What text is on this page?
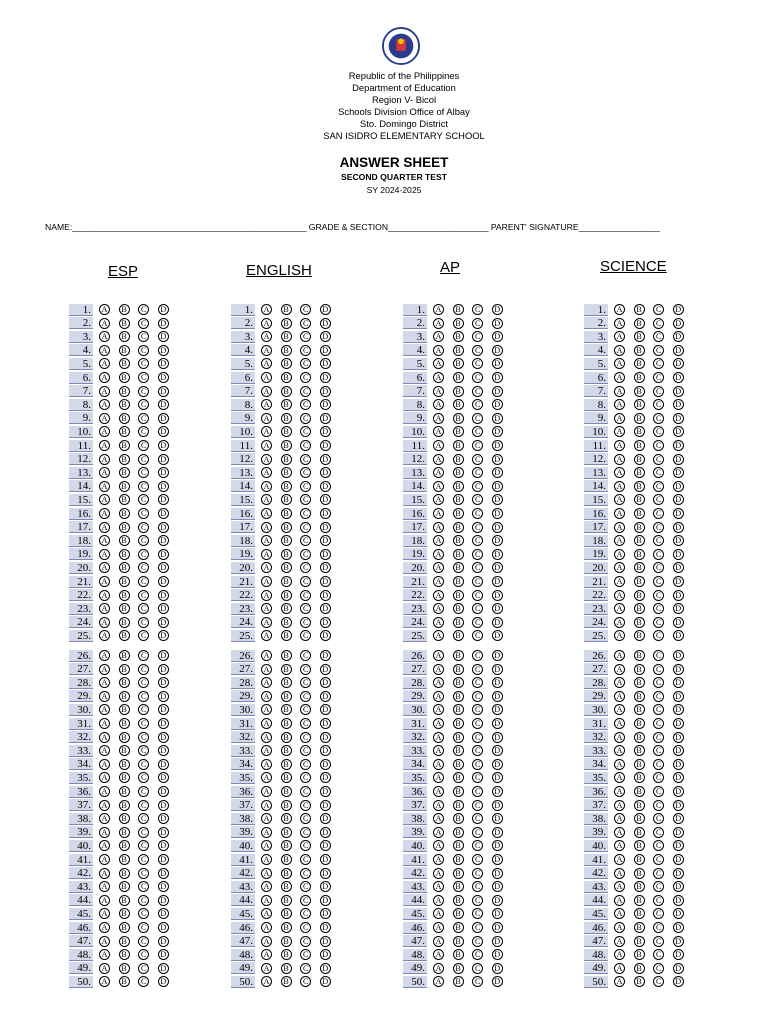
Republic of the Philippines
Department of Education
Region V- Bicol
Schools Division Office of Albay
Sto. Domingo District
SAN ISIDRO ELEMENTARY SCHOOL
ANSWER SHEET
SECOND QUARTER TEST
SY 2024-2025
NAME:_________________________________________________ GRADE & SECTION_____________________ PARENT' SIGNATURE_________________
ESP	ENGLISH	AP	SCIENCE
1.	A	B	C	D
2.	A	B	C	D
3.	A	B	C	D
4.	A	B	C	D
5.	A	B	C	D
6.	A	B	C	D
7.	A	B	C	D
8.	A	B	C	D
9.	A	B	C	D
10.	A	B	C	D
11.	A	B	C	D
12.	A	B	C	D
13.	A	B	C	D
14.	A	B	C	D
15.	A	B	C	D
16.	A	B	C	D
17.	A	B	C	D
18.	A	B	C	D
19.	A	B	C	D
20.	A	B	C	D
21.	A	B	C	D
22.	A	B	C	D
23.	A	B	C	D
24.	A	B	C	D
25.	A	B	C	D
26.	A	B	C	D
27.	A	B	C	D
28.	A	B	C	D
29.	A	B	C	D
30.	A	B	C	D
31.	A	B	C	D
32.	A	B	C	D
33.	A	B	C	D
34.	A	B	C	D
35.	A	B	C	D
36.	A	B	C	D
37.	A	B	C	D
38.	A	B	C	D
39.	A	B	C	D
40.	A	B	C	D
41.	A	B	C	D
42.	A	B	C	D
43.	A	B	C	D
44.	A	B	C	D
45.	A	B	C	D
46.	A	B	C	D
47.	A	B	C	D
48.	A	B	C	D
49.	A	B	C	D
50.	A	B	C	D
1.	A	B	C	D
2.	A	B	C	D
3.	A	B	C	D
4.	A	B	C	D
5.	A	B	C	D
6.	A	B	C	D
7.	A	B	C	D
8.	A	B	C	D
9.	A	B	C	D
10.	A	B	C	D
11.	A	B	C	D
12.	A	B	C	D
13.	A	B	C	D
14.	A	B	C	D
15.	A	B	C	D
16.	A	B	C	D
17.	A	B	C	D
18.	A	B	C	D
19.	A	B	C	D
20.	A	B	C	D
21.	A	B	C	D
22.	A	B	C	D
23.	A	B	C	D
24.	A	B	C	D
25.	A	B	C	D
26.	A	B	C	D
27.	A	B	C	D
28.	A	B	C	D
29.	A	B	C	D
30.	A	B	C	D
31.	A	B	C	D
32.	A	B	C	D
33.	A	B	C	D
34.	A	B	C	D
35.	A	B	C	D
36.	A	B	C	D
37.	A	B	C	D
38.	A	B	C	D
39.	A	B	C	D
40.	A	B	C	D
41.	A	B	C	D
42.	A	B	C	D
43.	A	B	C	D
44.	A	B	C	D
45.	A	B	C	D
46.	A	B	C	D
47.	A	B	C	D
48.	A	B	C	D
49.	A	B	C	D
50.	A	B	C	D
1.	A	B	C	D
2.	A	B	C	D
3.	A	B	C	D
4.	A	B	C	D
5.	A	B	C	D
6.	A	B	C	D
7.	A	B	C	D
8.	A	B	C	D
9.	A	B	C	D
10.	A	B	C	D
11.	A	B	C	D
12.	A	B	C	D
13.	A	B	C	D
14.	A	B	C	D
15.	A	B	C	D
16.	A	B	C	D
17.	A	B	C	D
18.	A	B	C	D
19.	A	B	C	D
20.	A	B	C	D
21.	A	B	C	D
22.	A	B	C	D
23.	A	B	C	D
24.	A	B	C	D
25.	A	B	C	D
26.	A	B	C	D
27.	A	B	C	D
28.	A	B	C	D
29.	A	B	C	D
30.	A	B	C	D
31.	A	B	C	D
32.	A	B	C	D
33.	A	B	C	D
34.	A	B	C	D
35.	A	B	C	D
36.	A	B	C	D
37.	A	B	C	D
38.	A	B	C	D
39.	A	B	C	D
40.	A	B	C	D
41.	A	B	C	D
42.	A	B	C	D
43.	A	B	C	D
44.	A	B	C	D
45.	A	B	C	D
46.	A	B	C	D
47.	A	B	C	D
48.	A	B	C	D
49.	A	B	C	D
50.	A	B	C	D
1.	A	B	C	D
2.	A	B	C	D
3.	A	B	C	D
4.	A	B	C	D
5.	A	B	C	D
6.	A	B	C	D
7.	A	B	C	D
8.	A	B	C	D
9.	A	B	C	D
10.	A	B	C	D
11.	A	B	C	D
12.	A	B	C	D
13.	A	B	C	D
14.	A	B	C	D
15.	A	B	C	D
16.	A	B	C	D
17.	A	B	C	D
18.	A	B	C	D
19.	A	B	C	D
20.	A	B	C	D
21.	A	B	C	D
22.	A	B	C	D
23.	A	B	C	D
24.	A	B	C	D
25.	A	B	C	D
26.	A	B	C	D
27.	A	B	C	D
28.	A	B	C	D
29.	A	B	C	D
30.	A	B	C	D
31.	A	B	C	D
32.	A	B	C	D
33.	A	B	C	D
34.	A	B	C	D
35.	A	B	C	D
36.	A	B	C	D
37.	A	B	C	D
38.	A	B	C	D
39.	A	B	C	D
40.	A	B	C	D
41.	A	B	C	D
42.	A	B	C	D
43.	A	B	C	D
44.	A	B	C	D
45.	A	B	C	D
46.	A	B	C	D
47.	A	B	C	D
48.	A	B	C	D
49.	A	B	C	D
50.	A	B	C	D
